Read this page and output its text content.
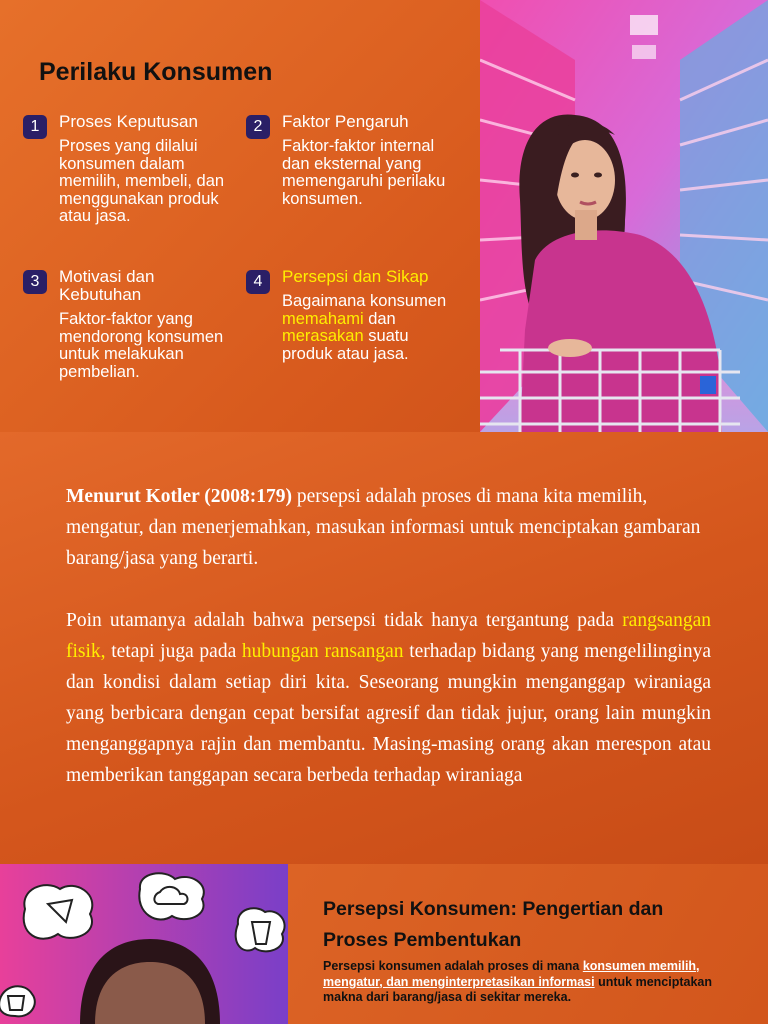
Perilaku Konsumen
1	Proses Keputusan
Proses yang dilalui konsumen dalam memilih, membeli, dan menggunakan produk atau jasa.
2	Faktor Pengaruh
Faktor-faktor internal dan eksternal yang memengaruhi perilaku konsumen.
3	Motivasi dan Kebutuhan
Faktor-faktor yang mendorong konsumen untuk melakukan pembelian.
4	Persepsi dan Sikap
Bagaimana konsumen memahami dan merasakan suatu produk atau jasa.
Menurut Kotler (2008:179) persepsi adalah proses di mana kita memilih, mengatur, dan menerjemahkan, masukan informasi untuk menciptakan gambaran barang/jasa yang berarti.
Poin utamanya adalah bahwa persepsi tidak hanya tergantung pada rangsangan fisik, tetapi juga pada hubungan ransangan terhadap bidang yang mengelilinginya dan kondisi dalam setiap diri kita. Seseorang mungkin menganggap wiraniaga yang berbicara dengan cepat bersifat agresif dan tidak jujur, orang lain mungkin menganggapnya rajin dan membantu. Masing-masing orang akan merespon atau memberikan tanggapan secara berbeda terhadap wiraniaga
Persepsi Konsumen: Pengertian dan Proses Pembentukan
Persepsi konsumen adalah proses di mana konsumen memilih, mengatur, dan menginterpretasikan informasi untuk menciptakan makna dari barang/jasa di sekitar mereka.
